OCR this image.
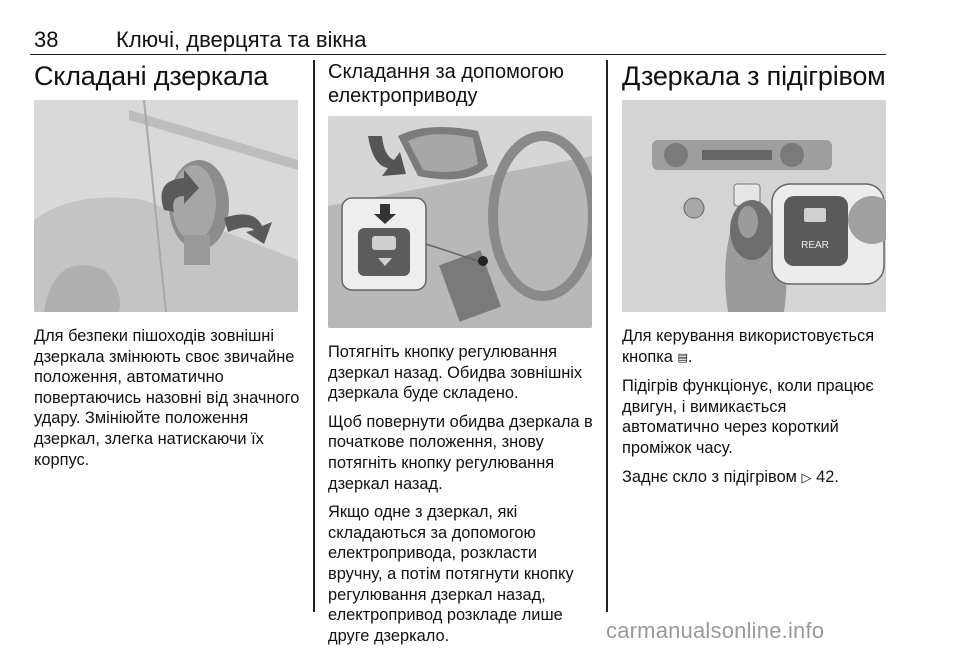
38	Ключі, дверцята та вікна
Складані дзеркала

Для безпеки пішоходів зовнішні дзеркала змінюють своє звичайне положення, автоматично повертаючись назовні від значного удару. Змініюйте положення дзеркал, злегка натискаючи їх корпус.

Складання за допомогою
електроприводу

Потягніть кнопку регулювання дзеркал назад. Обидва зовнішніх дзеркала буде складено.

Щоб повернути обидва дзеркала в початкове положення, знову потягніть кнопку регулювання дзеркал назад.

Якщо одне з дзеркал, які складаються за допомогою електропривода, розкласти вручну, а потім потягнути кнопку регулювання дзеркал назад, електропривод розкладе лише друге дзеркало.

Дзеркала з підігрівом
REAR

Для керування використовується кнопка ▤.

Підігрів функціонує, коли працює двигун, і вимикається автоматично через короткий проміжок часу.

Заднє скло з підігрівом ▷ 42.

carmanualsonline.info
